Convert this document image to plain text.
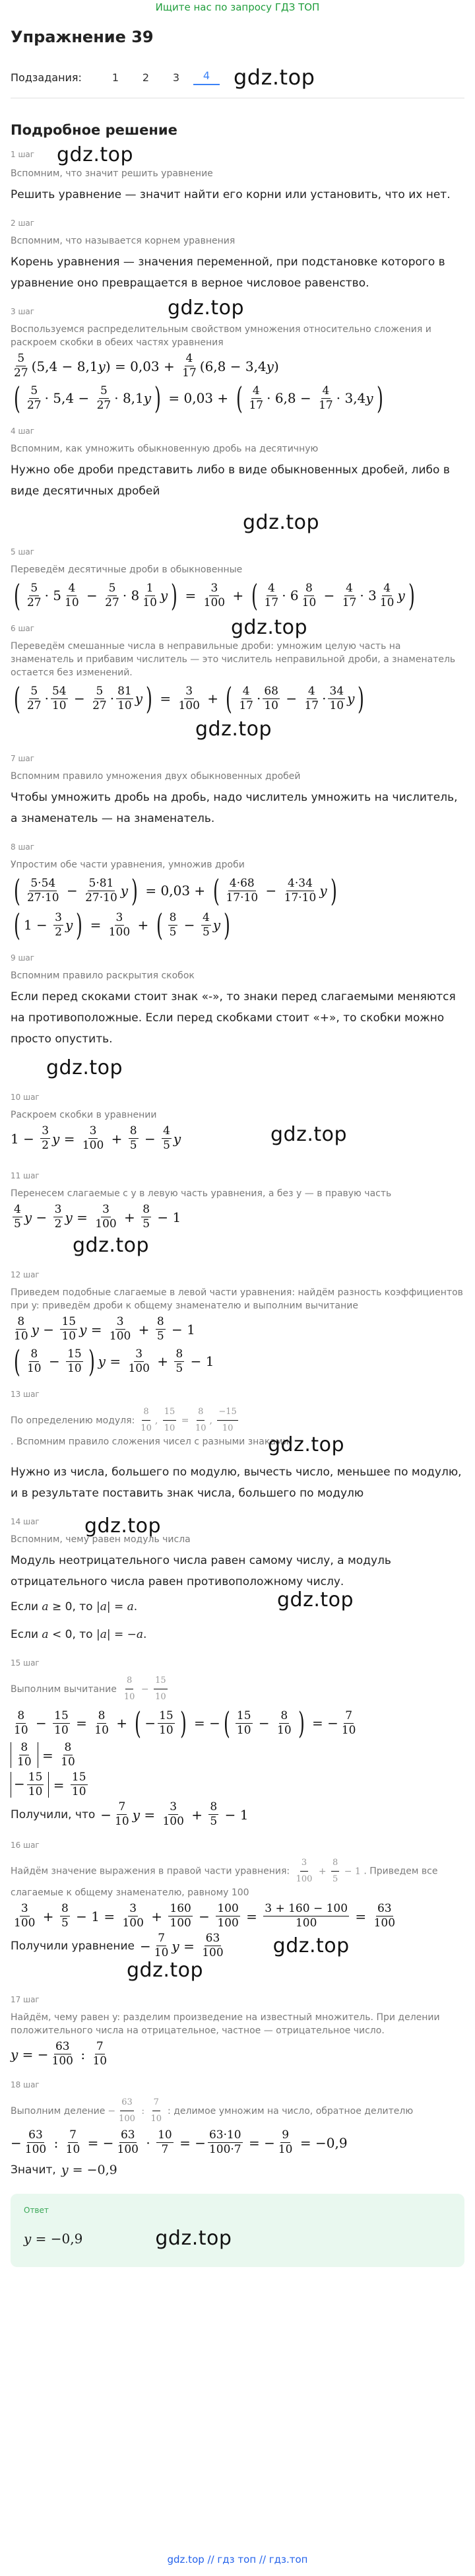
Ищите нас по запросу ГДЗ ТОП
Упражнение 39
Подзадания:	1	2	3	4	gdz.top
Подробное решение
1 шаг	gdz.top
Вспомним, что значит решить уравнение
Решить уравнение — значит найти его корни или установить, что их нет.
2 шаг
Вспомним, что называется корнем уравнения
Корень уравнения — значения переменной, при подстановке которого в уравнение оно превращается в верное числовое равенство.
gdz.top
3 шаг
Воспользуемся распределительным свойством умножения относительно сложения и раскроем скобки в обеих частях уравнения
$\frac{5}{27} (5,4 - 8,1$ y ) = $0,03 + \frac{4}{17} (6,8 - 3,4$ y )
( $\frac{5}{27} \cdot 5,4 - \frac{5}{27} \cdot 8,1$ y ) = 0,03 + ( $\frac{4}{17} \cdot 6,8 - \frac{4}{17} \cdot 3,4$ y )
4 шаг
Вспомним, как умножить обыкновенную дробь на десятичную
Нужно обе дроби представить либо в виде обыкновенных дробей, либо в виде десятичных дробей
gdz.top
5 шаг
Переведём десятичные дроби в обыкновенные
( $\frac{5}{27} \cdot 5 \frac{4}{10} - \frac{5}{27} \cdot 8 \frac{1}{10}$ y ) = $\frac{3}{100}$ + ( $\frac{4}{17} \cdot 6 \frac{8}{10} - \frac{4}{17} \cdot 3 \frac{4}{10}$ y )
gdz.top
6 шаг
Переведём смешанные числа в неправильные дроби: умножим целую часть на знаменатель и прибавим числитель — это числитель неправильной дроби, а знаменатель остается без изменений.
( $\frac{5}{27} \cdot \frac{54}{10} - \frac{5}{27} \cdot \frac{81}{10}$ y ) = $\frac{3}{100}$ + ( $\frac{4}{17} \cdot \frac{68}{10} - \frac{4}{17} \cdot \frac{34}{10}$ y )
gdz.top
7 шаг
Вспомним правило умножения двух обыкновенных дробей
Чтобы умножить дробь на дробь, надо числитель умножить на числитель, а знаменатель — на знаменатель.
8 шаг
Упростим обе части уравнения, умножив дроби
( $\frac{5\cdot 54}{27\cdot 10} - \frac{5\cdot 81}{27\cdot 10}$ y ) = 0,03 + ( $\frac{4\cdot 68}{17\cdot 10} - \frac{4\cdot 34}{17\cdot 10}$ y )
( $1 - \frac{3}{2}$ y ) = $\frac{3}{100}$ + ( $\frac{8}{5} - \frac{4}{5}$ y )
9 шаг
Вспомним правило раскрытия скобок
Если перед скоками стоит знак «-», то знаки перед слагаемыми меняются на противоположные. Если перед скобками стоит «+», то скобки можно просто опустить.
gdz.top
10 шаг
Раскроем скобки в уравнении
$1 - \frac{3}{2}$ $y = \frac{3}{100} + \frac{8}{5} - \frac{4}{5}$ y	gdz.top
11 шаг
Перенесем слагаемые с y в левую часть уравнения, а без y — в правую часть
$\frac{4}{5}$ $y - \frac{3}{2}$ $y = \frac{3}{100} + \frac{8}{5} - 1$
gdz.top
12 шаг
Приведем подобные слагаемые в левой части уравнения: найдём разность коэффициентов при y: приведём дроби к общему знаменателю и выполним вычитание
$\frac{8}{10}$ $y - \frac{15}{10}$ $y = \frac{3}{100} + \frac{8}{5} - 1$
( $\frac{8}{10} - \frac{15}{10}$ ) $y = \frac{3}{100} + \frac{8}{5} - 1$
13 шаг
По определению модуля: $\frac{8}{10}$ , $\frac{15}{10} = \frac{8}{10}$ , $\frac{-15}{10}$
. Вспомним правило сложения чисел с разными знаками
gdz.top
Нужно из числа, большего по модулю, вычесть число, меньшее по модулю, и в результате поставить знак числа, большего по модулю
gdz.top
14 шаг
Вспомним, чему равен модуль числа
Модуль неотрицательного числа равен самому числу, а модуль отрицательного числа равен противоположному числу.
gdz.top
Если a ≥ 0, то |a| = a.
Если a < 0, то |a| = −a.
15 шаг
Выполним вычитание $\frac{8}{10} - \frac{15}{10}$
$\frac{8}{10} - \frac{15}{10} = \frac{8}{10}$ + ( − $\frac{15}{10}$ ) = − ( $\frac{15}{10} - \frac{8}{10}$ ) = − $\frac{7}{10}$
$\frac{8}{10} = \frac{8}{10}$
− $\frac{15}{10} = \frac{15}{10}$
Получили, что − $\frac{7}{10}$ $y = \frac{3}{100} + \frac{8}{5} - 1$
16 шаг
Найдём значение выражения в правой части уравнения: $\frac{3}{100} + \frac{8}{5} - 1$ . Приведем все слагаемые к общему знаменателю, равному 100
$\frac{3}{100} + \frac{8}{5} - 1 = \frac{3}{100} + \frac{160}{100} - \frac{100}{100} = \frac{3 + 160 - 100}{100} = \frac{63}{100}$
Получили уравнение − $\frac{7}{10}$ $y = \frac{63}{100} gdz.top$
gdz.top
17 шаг
Найдём, чему равен y: разделим произведение на известный множитель. При делении положительного числа на отрицательное, частное — отрицательное число.
y = − $\frac{63}{100}$ : $\frac{7}{10}$
18 шаг
Выполним деление − $\frac{63}{100}$ : $\frac{7}{10}$ : делимое умножим на число, обратное делителю
− $\frac{63}{100}$ : $\frac{7}{10}$ = − $\frac{63}{100} \cdot \frac{10}{7}$ = − $\frac{63\cdot 10}{100\cdot 7}$ = − $\frac{9}{10} = -0,9$
Значит, y = −0,9
Ответ
y = −0,9	gdz.top
gdz.top // гдз топ // гдз.топ
